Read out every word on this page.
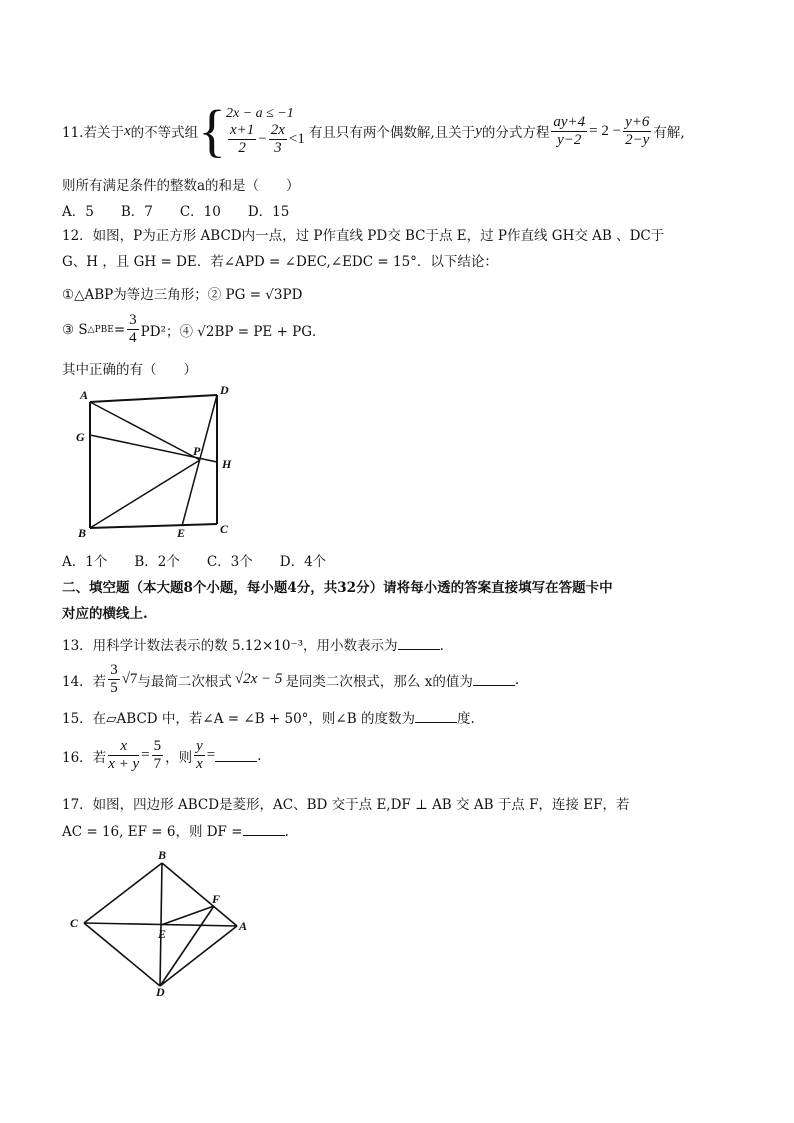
11.若关于 x 的不等式组 { 2x − a ≤ −1
$\frac{x+1}{2} - \frac{2x}{3} <1$ 有且只有两个偶数解,且关于 y 的分式方程 $\frac{ay+4}{y-2} = 2 - \frac{y+6}{2-y}$ 有解,
则所有满足条件的整数a的和是（　　）
A．5　　B．7　　C．10　　D．15
12．如图，P为正方形 ABCD内一点，过 P作直线 PD交 BC于点 E，过 P作直线 GH交 AB 、DC于
G、H ，且 GH = DE．若∠APD = ∠DEC,∠EDC = 15°．以下结论：
①△ABP为等边三角形；② PG = √3PD
③ S △PBE = $\frac{3}{4} PD^2$；④ √2BP = PE + PG．
其中正确的有（　　）
A	D
G
P
H
B	E	C
A．1个　　B．2个　　C．3个　　D．4个
二、填空题（本大题8个小题，每小题4分，共32分）请将每小透的答案直接填写在答题卡中
对应的横线上.
13．用科学计数法表示的数 5.12×10⁻³，用小数表示为	.
14．若 $\frac{3}{5} √7$ 与最简二次根式 √2x − 5 是同类二次根式，那么 x的值为	.
15．在▱ABCD 中，若∠A = ∠B + 50°，则∠B 的度数为	度.
16．若 $\frac{x}{x + y} = \frac{5}{7}$ ，则 $\frac{y}{x}$ =	.
17．如图，四边形 ABCD是菱形，AC、BD 交于点 E,DF ⊥ AB 交 AB 于点 F，连接 EF，若
AC = 16, EF = 6，则 DF =	.
B
C
E
F
A
D
